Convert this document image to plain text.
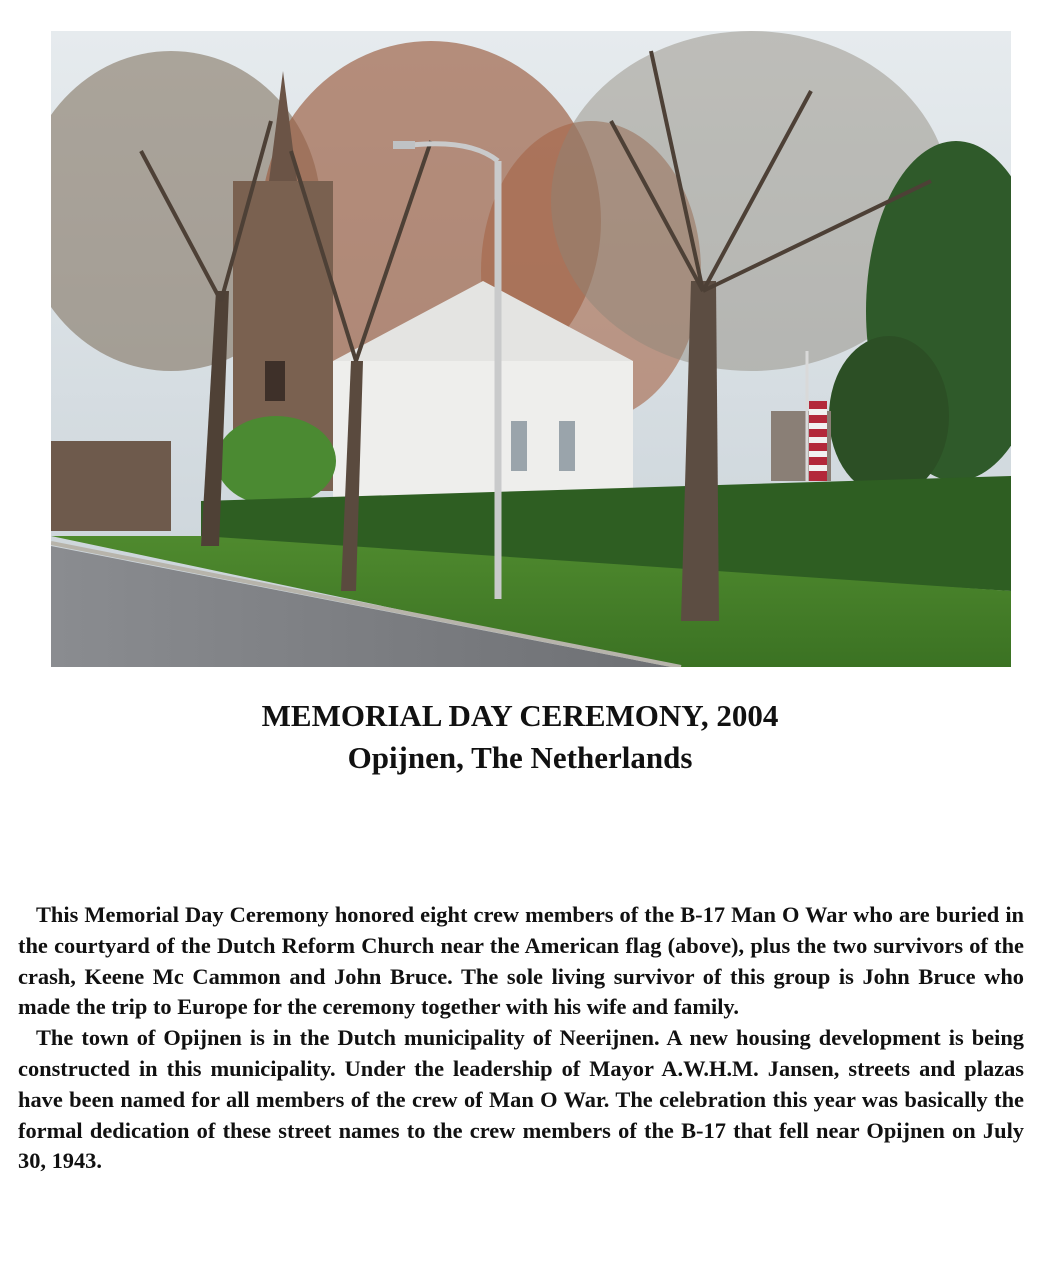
MEMORIAL DAY CEREMONY, 2004
Opijnen, The Netherlands

This Memorial Day Ceremony honored eight crew members of the B-17 Man O War who are buried in the courtyard of the Dutch Reform Church near the American flag (above), plus the two survivors of the crash, Keene Mc Cammon and John Bruce. The sole living survivor of this group is John Bruce who made the trip to Europe for the ceremony together with his wife and family.

The town of Opijnen is in the Dutch municipality of Neerijnen. A new housing development is being constructed in this municipality. Under the leadership of Mayor A.W.H.M. Jansen, streets and plazas have been named for all members of the crew of Man O War. The celebration this year was basically the formal dedication of these street names to the crew members of the B-17 that fell near Opijnen on July 30, 1943.
